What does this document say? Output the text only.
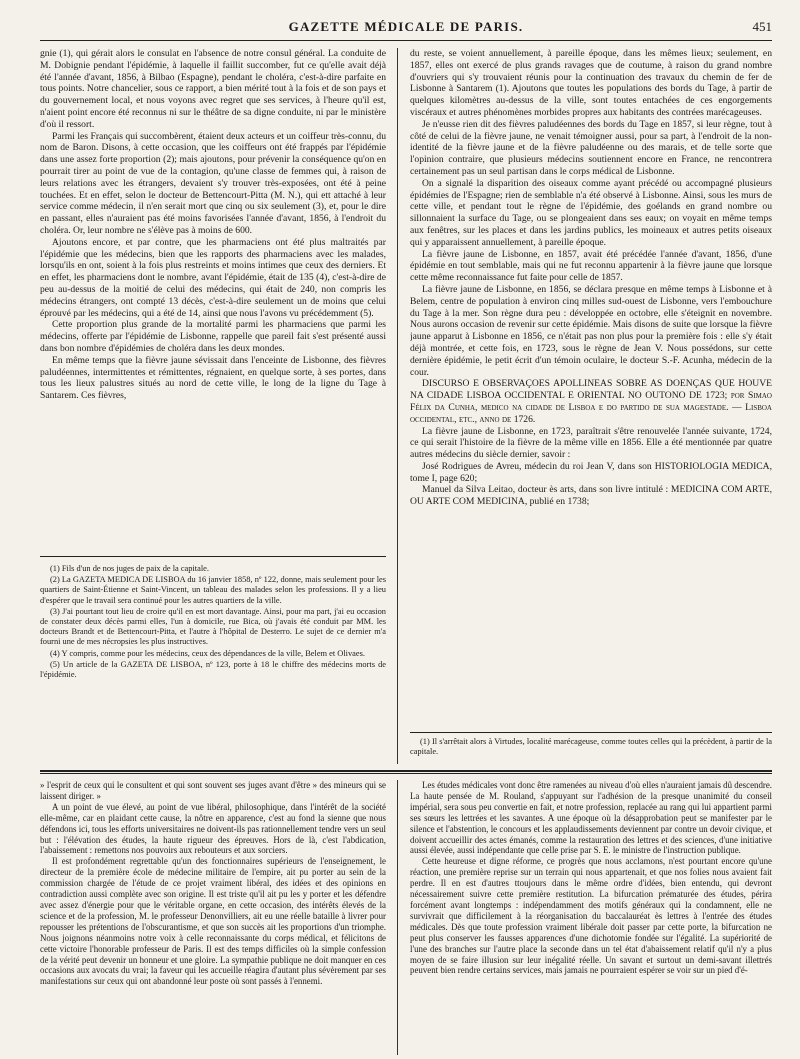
GAZETTE MÉDICALE DE PARIS.	451

gnie (1), qui gérait alors le consulat en l'absence de notre consul général. La conduite de M. Dobignie pendant l'épidémie, à laquelle il faillit succomber, fut ce qu'elle avait déjà été l'année d'avant, 1856, à Bilbao (Espagne), pendant le choléra, c'est-à-dire parfaite en tous points. Notre chancelier, sous ce rapport, a bien mérité tout à la fois et de son pays et du gouvernement local, et nous voyons avec regret que ses services, à l'heure qu'il est, n'aient point encore été reconnus ni sur le théâtre de sa digne conduite, ni par le ministère d'où il ressort.

Parmi les Français qui succombèrent, étaient deux acteurs et un coiffeur très-connu, du nom de Baron. Disons, à cette occasion, que les coiffeurs ont été frappés par l'épidémie dans une assez forte proportion (2); mais ajoutons, pour prévenir la conséquence qu'on en pourrait tirer au point de vue de la contagion, qu'une classe de femmes qui, à raison de leurs relations avec les étrangers, devaient s'y trouver très-exposées, ont été à peine touchées. Et en effet, selon le docteur de Bettencourt-Pitta (M. N.), qui ett attaché à leur service comme médecin, il n'en serait mort que cinq ou six seulement (3), et, pour le dire en passant, elles n'auraient pas été moins favorisées l'année d'avant, 1856, à l'endroit du choléra. Or, leur nombre ne s'élève pas à moins de 600.

Ajoutons encore, et par contre, que les pharmaciens ont été plus maltraités par l'épidémie que les médecins, bien que les rapports des pharmaciens avec les malades, lorsqu'ils en ont, soient à la fois plus restreints et moins intimes que ceux des derniers. Et en effet, les pharmaciens dont le nombre, avant l'épidémie, était de 135 (4), c'est-à-dire de peu au-dessus de la moitié de celui des médecins, qui était de 240, non compris les médecins étrangers, ont compté 13 décès, c'est-à-dire seulement un de moins que celui éprouvé par les médecins, qui a été de 14, ainsi que nous l'avons vu précédemment (5).

Cette proportion plus grande de la mortalité parmi les pharmaciens que parmi les médecins, offerte par l'épidémie de Lisbonne, rappelle que pareil fait s'est présenté aussi dans bon nombre d'épidémies de choléra dans les deux mondes.

En même temps que la fièvre jaune sévissait dans l'enceinte de Lisbonne, des fièvres paludéennes, intermittentes et rémittentes, régnaient, en quelque sorte, à ses portes, dans tous les lieux palustres situés au nord de cette ville, le long de la ligne du Tage à Santarem. Ces fièvres,

(1) Fils d'un de nos juges de paix de la capitale.

(2) La GAZETA MEDICA DE LISBOA du 16 janvier 1858, nº 122, donne, mais seulement pour les quartiers de Saint-Étienne et Saint-Vincent, un tableau des malades selon les professions. Il y a lieu d'espérer que le travail sera continué pour les autres quartiers de la ville.

(3) J'ai pourtant tout lieu de croire qu'il en est mort davantage. Ainsi, pour ma part, j'ai eu occasion de constater deux décès parmi elles, l'un à domicile, rue Bica, où j'avais été conduit par MM. les docteurs Brandt et de Bettencourt-Pitta, et l'autre à l'hôpital de Desterro. Le sujet de ce dernier m'a fourni une de mes nécropsies les plus instructives.

(4) Y compris, comme pour les médecins, ceux des dépendances de la ville, Belem et Olivaes.

(5) Un article de la GAZETA DE LISBOA, nº 123, porte à 18 le chiffre des médecins morts de l'épidémie.

du reste, se voient annuellement, à pareille époque, dans les mêmes lieux; seulement, en 1857, elles ont exercé de plus grands ravages que de coutume, à raison du grand nombre d'ouvriers qui s'y trouvaient réunis pour la continuation des travaux du chemin de fer de Lisbonne à Santarem (1). Ajoutons que toutes les populations des bords du Tage, à partir de quelques kilomètres au-dessus de la ville, sont toutes entachées de ces engorgements viscéraux et autres phénomènes morbides propres aux habitants des contrées marécageuses.

Je n'eusse rien dit des fièvres paludéennes des bords du Tage en 1857, si leur règne, tout à côté de celui de la fièvre jaune, ne venait témoigner aussi, pour sa part, à l'endroit de la non-identité de la fièvre jaune et de la fièvre paludéenne ou des marais, et de telle sorte que l'opinion contraire, que plusieurs médecins soutiennent encore en France, ne rencontrera certainement pas un seul partisan dans le corps médical de Lisbonne.

On a signalé la disparition des oiseaux comme ayant précédé ou accompagné plusieurs épidémies de l'Espagne; rien de semblable n'a été observé à Lisbonne. Ainsi, sous les murs de cette ville, et pendant tout le règne de l'épidémie, des goélands en grand nombre ou sillonnaient la surface du Tage, ou se plongeaient dans ses eaux; on voyait en même temps aux fenêtres, sur les places et dans les jardins publics, les moineaux et autres petits oiseaux qui y apparaissent annuellement, à pareille époque.

La fièvre jaune de Lisbonne, en 1857, avait été précédée l'année d'avant, 1856, d'une épidémie en tout semblable, mais qui ne fut reconnu appartenir à la fièvre jaune que lorsque cette même reconnaissance fut faite pour celle de 1857.

La fièvre jaune de Lisbonne, en 1856, se déclara presque en même temps à Lisbonne et à Belem, centre de population à environ cinq milles sud-ouest de Lisbonne, vers l'embouchure du Tage à la mer. Son règne dura peu : développée en octobre, elle s'éteignit en novembre. Nous aurons occasion de revenir sur cette épidémie. Mais disons de suite que lorsque la fièvre jaune apparut à Lisbonne en 1856, ce n'était pas non plus pour la première fois : elle s'y était déjà montrée, et cette fois, en 1723, sous le règne de Jean V. Nous possédons, sur cette dernière épidémie, le petit écrit d'un témoin oculaire, le docteur S.-F. Acunha, médecin de la cour.

DISCURSO E OBSERVAÇOES APOLLINEAS SOBRE AS DOENÇAS QUE HOUVE NA CIDADE LISBOA OCCIDENTAL E ORIENTAL NO OUTONO DE 1723; por Simao Félix da Cunha, medico na cidade de Lisboa e do partido de sua magestade. — Lisboa occidental, etc., anno de 1726.

La fièvre jaune de Lisbonne, en 1723, paraîtrait s'être renouvelée l'année suivante, 1724, ce qui serait l'histoire de la fièvre de la même ville en 1856. Elle a été mentionnée par quatre autres médecins du siècle dernier, savoir :

José Rodrigues de Avreu, médecin du roi Jean V, dans son HISTORIOLOGIA MEDICA, tome I, page 620;

Manuel da Silva Leitao, docteur ès arts, dans son livre intitulé : MEDICINA COM ARTE, OU ARTE COM MEDICINA, publié en 1738;

(1) Il s'arrêtait alors à Virtudes, localité marécageuse, comme toutes celles qui la précèdent, à partir de la capitale.

» l'esprit de ceux qui le consultent et qui sont souvent ses juges avant d'être » des mineurs qui se laissent diriger. »

A un point de vue élevé, au point de vue libéral, philosophique, dans l'intérêt de la société elle-même, car en plaidant cette cause, la nôtre en apparence, c'est au fond la sienne que nous défendons ici, tous les efforts universitaires ne doivent-ils pas rationnellement tendre vers un seul but : l'élévation des études, la haute rigueur des épreuves. Hors de là, c'est l'abdication, l'abaissement : remettons nos pouvoirs aux rebouteurs et aux sorciers.

Il est profondément regrettable qu'un des fonctionnaires supérieurs de l'enseignement, le directeur de la première école de médecine militaire de l'empire, ait pu porter au sein de la commission chargée de l'étude de ce projet vraiment libéral, des idées et des opinions en contradiction aussi complète avec son origine. Il est triste qu'il ait pu les y porter et les défendre avec assez d'énergie pour que le véritable organe, en cette occasion, des intérêts élevés de la science et de la profession, M. le professeur Denonvilliers, ait eu une réelle bataille à livrer pour repousser les prétentions de l'obscurantisme, et que son succès ait les proportions d'un triomphe. Nous joignons néanmoins notre voix à celle reconnaissante du corps médical, et félicitons de cette victoire l'honorable professeur de Paris. Il est des temps difficiles où la simple confession de la vérité peut devenir un honneur et une gloire. La sympathie publique ne doit manquer en ces occasions aux avocats du vrai; la faveur qui les accueille réagira d'autant plus sévèrement par ses manifestations sur ceux qui ont abandonné leur poste où sont passés à l'ennemi.

Les études médicales vont donc être ramenées au niveau d'où elles n'auraient jamais dû descendre. La haute pensée de M. Rouland, s'appuyant sur l'adhésion de la presque unanimité du conseil impérial, sera sous peu convertie en fait, et notre profession, replacée au rang qui lui appartient parmi ses sœurs les lettrées et les savantes. A une époque où la désapprobation peut se manifester par le silence et l'abstention, le concours et les applaudissements deviennent par contre un devoir civique, et doivent accueillir des actes émanés, comme la restauration des lettres et des sciences, d'une initiative aussi élevée, aussi indépendante que celle prise par S. E. le ministre de l'instruction publique.

Cette heureuse et digne réforme, ce progrès que nous acclamons, n'est pourtant encore qu'une réaction, une première reprise sur un terrain qui nous appartenait, et que nos folies nous avaient fait perdre. Il en est d'autres ttoujours dans le même ordre d'idées, bien entendu, qui devront nécessairement suivre cette première restitution. La bifurcation prématurée des études, périra forcément avant longtemps : indépendamment des motifs généraux qui la condamnent, elle ne survivrait que difficilement à la réorganisation du baccalauréat ès lettres à l'entrée des études médicales. Dès que toute profession vraiment libérale doit passer par cette porte, la bifurcation ne peut plus conserver les fausses apparences d'une dichotomie fondée sur l'égalité. La supériorité de l'une des branches sur l'autre place la seconde dans un tel état d'abaissement relatif qu'il n'y a plus moyen de se faire illusion sur leur inégalité réelle. Un savant et surtout un demi-savant illettrés peuvent bien rendre certains services, mais jamais ne pourraient espérer se voir sur un pied d'é-
